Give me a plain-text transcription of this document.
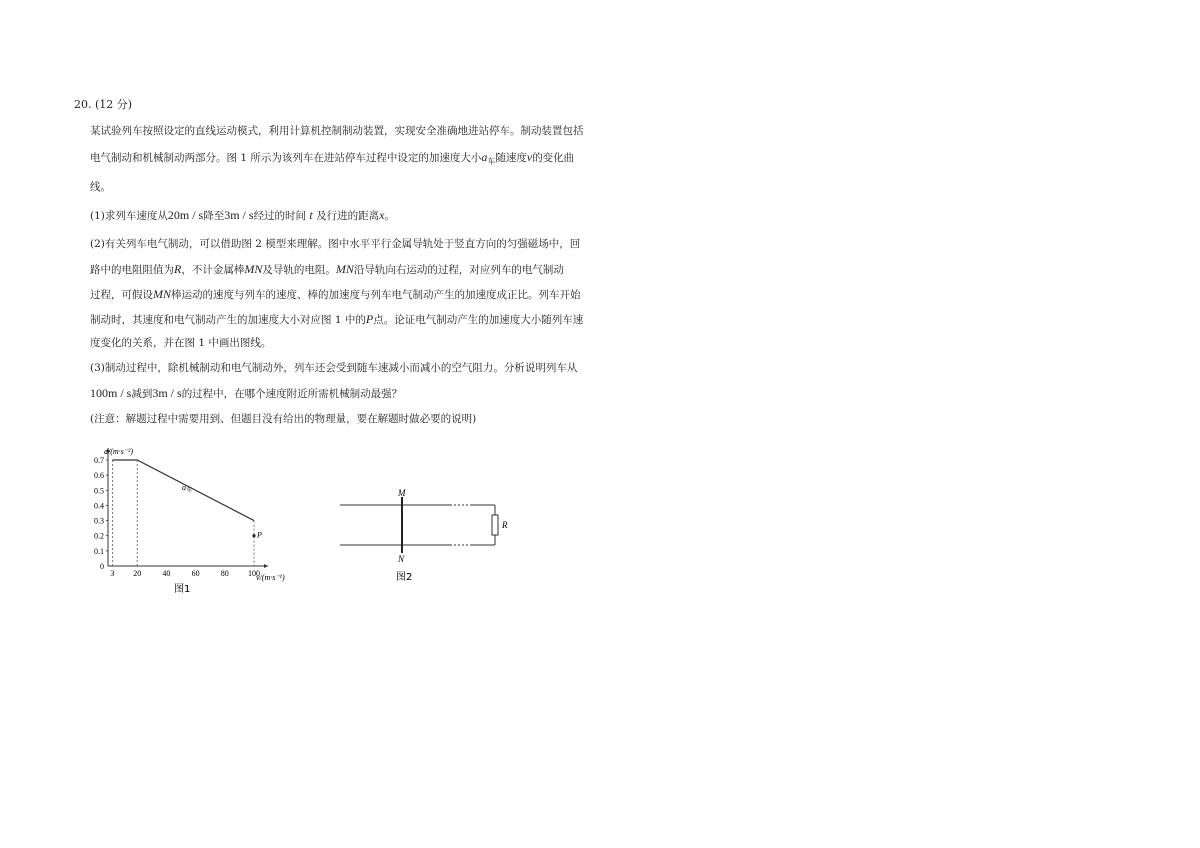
20. (12 分)
某试验列车按照设定的直线运动模式，利用计算机控制制动装置，实现安全准确地进站停车。制动装置包括
电气制动和机械制动两部分。图 1 所示为该列车在进站停车过程中设定的加速度大小$a_车$随速度v的变化曲
线。
(1)求列车速度从20m / s降至3m / s经过的时间 t 及行进的距离x。
(2)有关列车电气制动，可以借助图 2 模型来理解。图中水平平行金属导轨处于竖直方向的匀强磁场中，回
路中的电阻阻值为R，不计金属棒MN及导轨的电阻。MN沿导轨向右运动的过程，对应列车的电气制动
过程，可假设MN棒运动的速度与列车的速度、棒的加速度与列车电气制动产生的加速度成正比。列车开始
制动时，其速度和电气制动产生的加速度大小对应图 1 中的P点。论证电气制动产生的加速度大小随列车速
度变化的关系，并在图 1 中画出图线。
(3)制动过程中，除机械制动和电气制动外，列车还会受到随车速减小而减小的空气阻力。分析说明列车从
100m / s减到3m / s的过程中，在哪个速度附近所需机械制动最强？
(注意：解题过程中需要用到、但题目没有给出的物理量，要在解题时做必要的说明)
0
0.1
0.2
0.3
0.4
0.5
0.6
0.7
3 20	40	60	80 100
a/(m·s⁻²)
v/(m·s⁻¹)
$a_车$
P
图1
M
N
R
图2
